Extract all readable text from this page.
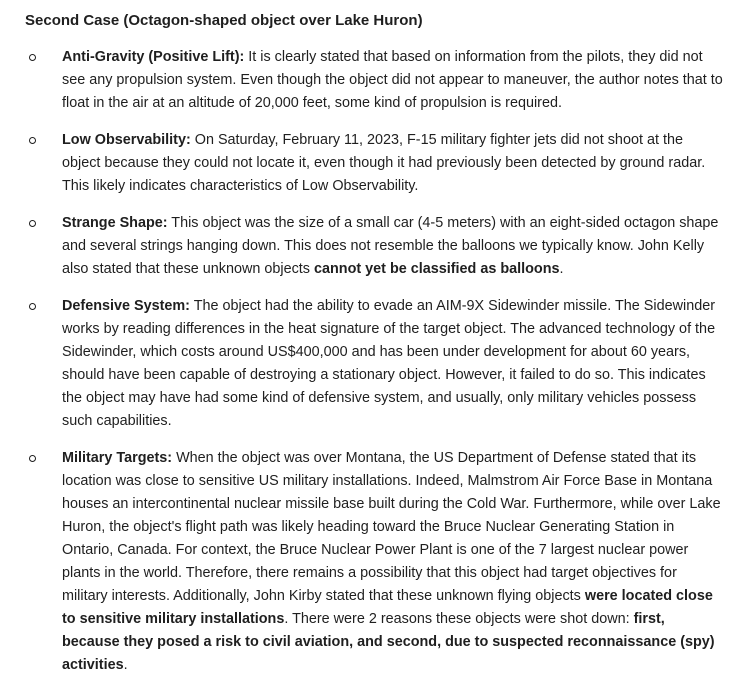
Second Case (Octagon-shaped object over Lake Huron)
Anti-Gravity (Positive Lift): It is clearly stated that based on information from the pilots, they did not see any propulsion system. Even though the object did not appear to maneuver, the author notes that to float in the air at an altitude of 20,000 feet, some kind of propulsion is required.
Low Observability: On Saturday, February 11, 2023, F-15 military fighter jets did not shoot at the object because they could not locate it, even though it had previously been detected by ground radar. This likely indicates characteristics of Low Observability.
Strange Shape: This object was the size of a small car (4-5 meters) with an eight-sided octagon shape and several strings hanging down. This does not resemble the balloons we typically know. John Kelly also stated that these unknown objects cannot yet be classified as balloons.
Defensive System: The object had the ability to evade an AIM-9X Sidewinder missile. The Sidewinder works by reading differences in the heat signature of the target object. The advanced technology of the Sidewinder, which costs around US$400,000 and has been under development for about 60 years, should have been capable of destroying a stationary object. However, it failed to do so. This indicates the object may have had some kind of defensive system, and usually, only military vehicles possess such capabilities.
Military Targets: When the object was over Montana, the US Department of Defense stated that its location was close to sensitive US military installations. Indeed, Malmstrom Air Force Base in Montana houses an intercontinental nuclear missile base built during the Cold War. Furthermore, while over Lake Huron, the object's flight path was likely heading toward the Bruce Nuclear Generating Station in Ontario, Canada. For context, the Bruce Nuclear Power Plant is one of the 7 largest nuclear power plants in the world. Therefore, there remains a possibility that this object had target objectives for military interests. Additionally, John Kirby stated that these unknown flying objects were located close to sensitive military installations. There were 2 reasons these objects were shot down: first, because they posed a risk to civil aviation, and second, due to suspected reconnaissance (spy) activities.
